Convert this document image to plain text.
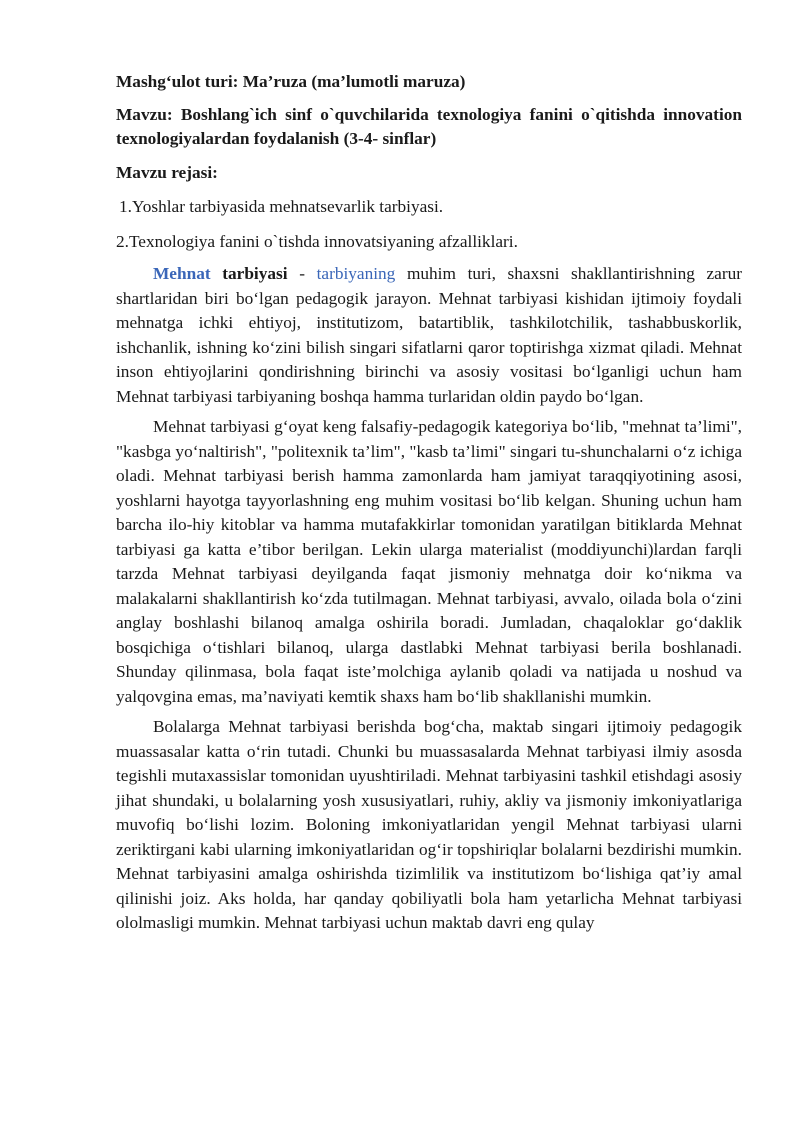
Mashg‘ulot turi: Ma’ruza (ma’lumotli maruza)

Mavzu: Boshlang`ich sinf o`quvchilarida texnologiya fanini o`qitishda innovation texnologiyalardan foydalanish (3-4- sinflar)

Mavzu rejasi:

1.Yoshlar tarbiyasida mehnatsevarlik tarbiyasi.

2.Texnologiya fanini o`tishda innovatsiyaning afzalliklari.

Mehnat tarbiyasi - tarbiyaning muhim turi, shaxsni shakllantirishning zarur shartlaridan biri bo‘lgan pedagogik jarayon. Mehnat tarbiyasi kishidan ijtimoiy foydali mehnatga ichki ehtiyoj, institutizom, batartiblik, tashkilotchilik, tashabbuskorlik, ishchanlik, ishning ko‘zini bilish singari sifatlarni qaror toptirishga xizmat qiladi. Mehnat inson ehtiyojlarini qondirishning birinchi va asosiy vositasi bo‘lganligi uchun ham Mehnat tarbiyasi tarbiyaning boshqa hamma turlaridan oldin paydo bo‘lgan.

Mehnat tarbiyasi g‘oyat keng falsafiy-pedagogik kategoriya bo‘lib, "mehnat ta’limi", "kasbga yo‘naltirish", "politexnik ta’lim", "kasb ta’limi" singari tu-shunchalarni o‘z ichiga oladi. Mehnat tarbiyasi berish hamma zamonlarda ham jamiyat taraqqiyotining asosi, yoshlarni hayotga tayyorlashning eng muhim vositasi bo‘lib kelgan. Shuning uchun ham barcha ilo-hiy kitoblar va hamma mutafakkirlar tomonidan yaratilgan bitiklarda Mehnat tarbiyasi ga katta e’tibor berilgan. Lekin ularga materialist (moddiyunchi)lardan farqli tarzda Mehnat tarbiyasi deyilganda faqat jismoniy mehnatga doir ko‘nikma va malakalarni shakllantirish ko‘zda tutilmagan. Mehnat tarbiyasi, avvalo, oilada bola o‘zini anglay boshlashi bilanoq amalga oshirila boradi. Jumladan, chaqaloklar go‘daklik bosqichiga o‘tishlari bilanoq, ularga dastlabki Mehnat tarbiyasi berila boshlanadi. Shunday qilinmasa, bola faqat iste’molchiga aylanib qoladi va natijada u noshud va yalqovgina emas, ma’naviyati kemtik shaxs ham bo‘lib shakllanishi mumkin.

Bolalarga Mehnat tarbiyasi berishda bog‘cha, maktab singari ijtimoiy pedagogik muassasalar katta o‘rin tutadi. Chunki bu muassasalarda Mehnat tarbiyasi ilmiy asosda tegishli mutaxassislar tomonidan uyushtiriladi. Mehnat tarbiyasini tashkil etishdagi asosiy jihat shundaki, u bolalarning yosh xususiyatlari, ruhiy, akliy va jismoniy imkoniyatlariga muvofiq bo‘lishi lozim. Boloning imkoniyatlaridan yengil Mehnat tarbiyasi ularni zeriktirgani kabi ularning imkoniyatlaridan og‘ir topshiriqlar bolalarni bezdirishi mumkin. Mehnat tarbiyasini amalga oshirishda tizimlilik va institutizom bo‘lishiga qat’iy amal qilinishi joiz. Aks holda, har qanday qobiliyatli bola ham yetarlicha Mehnat tarbiyasi ololmasligi mumkin. Mehnat tarbiyasi uchun maktab davri eng qulay
